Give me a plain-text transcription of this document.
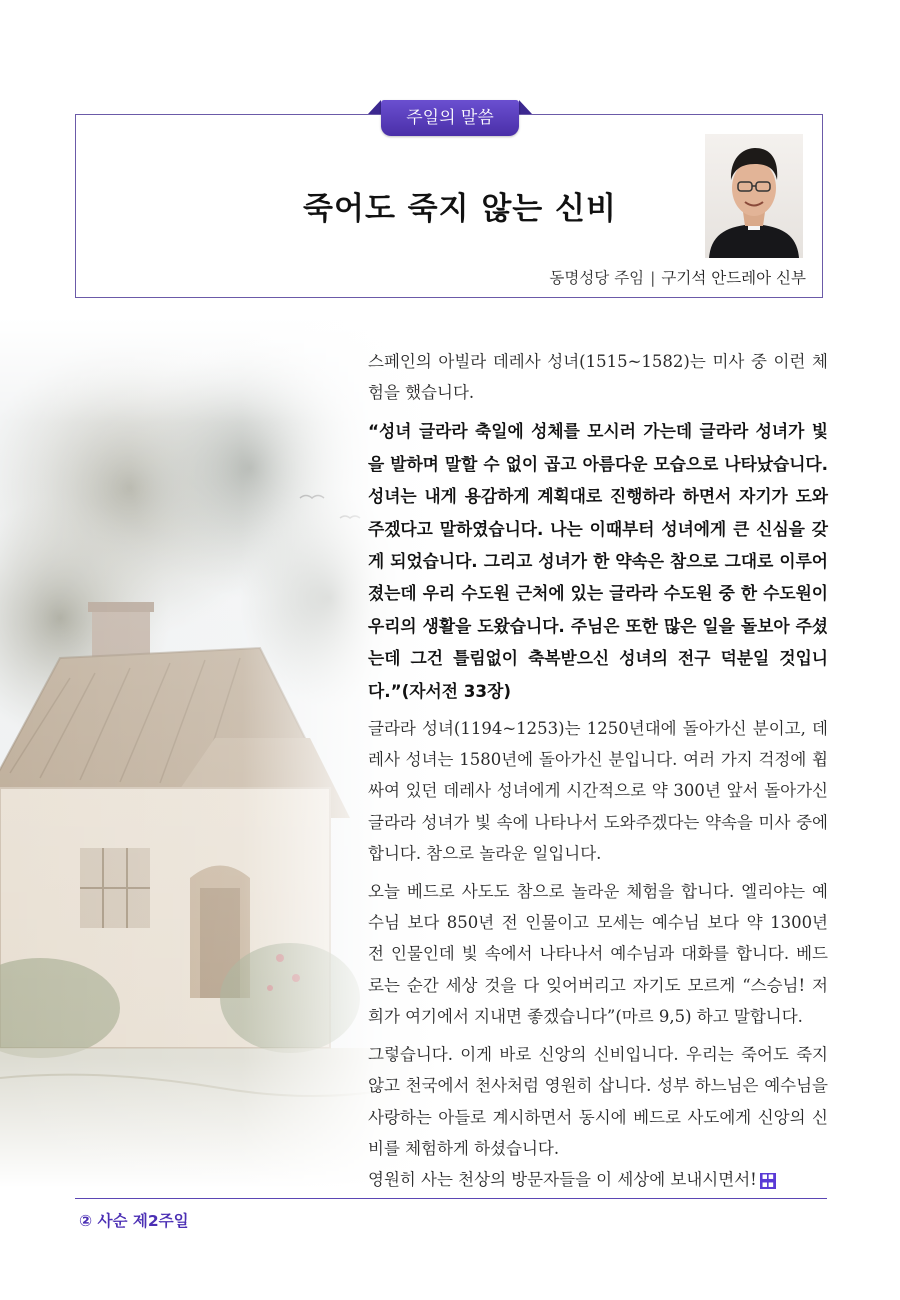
주일의 말씀
죽어도 죽지 않는 신비
동명성당 주임 | 구기석 안드레아 신부

스페인의 아빌라 데레사 성녀(1515~1582)는 미사 중 이런 체험을 했습니다.

“성녀 글라라 축일에 성체를 모시러 가는데 글라라 성녀가 빛을 발하며 말할 수 없이 곱고 아름다운 모습으로 나타났습니다. 성녀는 내게 용감하게 계획대로 진행하라 하면서 자기가 도와주겠다고 말하였습니다. 나는 이때부터 성녀에게 큰 신심을 갖게 되었습니다. 그리고 성녀가 한 약속은 참으로 그대로 이루어졌는데 우리 수도원 근처에 있는 글라라 수도원 중 한 수도원이 우리의 생활을 도왔습니다. 주님은 또한 많은 일을 돌보아 주셨는데 그건 틀림없이 축복받으신 성녀의 전구 덕분일 것입니다.”(자서전 33장)

글라라 성녀(1194~1253)는 1250년대에 돌아가신 분이고, 데레사 성녀는 1580년에 돌아가신 분입니다. 여러 가지 걱정에 휩싸여 있던 데레사 성녀에게 시간적으로 약 300년 앞서 돌아가신 글라라 성녀가 빛 속에 나타나서 도와주겠다는 약속을 미사 중에 합니다. 참으로 놀라운 일입니다.

오늘 베드로 사도도 참으로 놀라운 체험을 합니다. 엘리야는 예수님 보다 850년 전 인물이고 모세는 예수님 보다 약 1300년 전 인물인데 빛 속에서 나타나서 예수님과 대화를 합니다. 베드로는 순간 세상 것을 다 잊어버리고 자기도 모르게 “스승님! 저희가 여기에서 지내면 좋겠습니다”(마르 9,5) 하고 말합니다.

그렇습니다. 이게 바로 신앙의 신비입니다. 우리는 죽어도 죽지 않고 천국에서 천사처럼 영원히 삽니다. 성부 하느님은 예수님을 사랑하는 아들로 계시하면서 동시에 베드로 사도에게 신앙의 신비를 체험하게 하셨습니다.

영원히 사는 천상의 방문자들을 이 세상에 보내시면서! ▪▪
▪▪

② 사순 제2주일
